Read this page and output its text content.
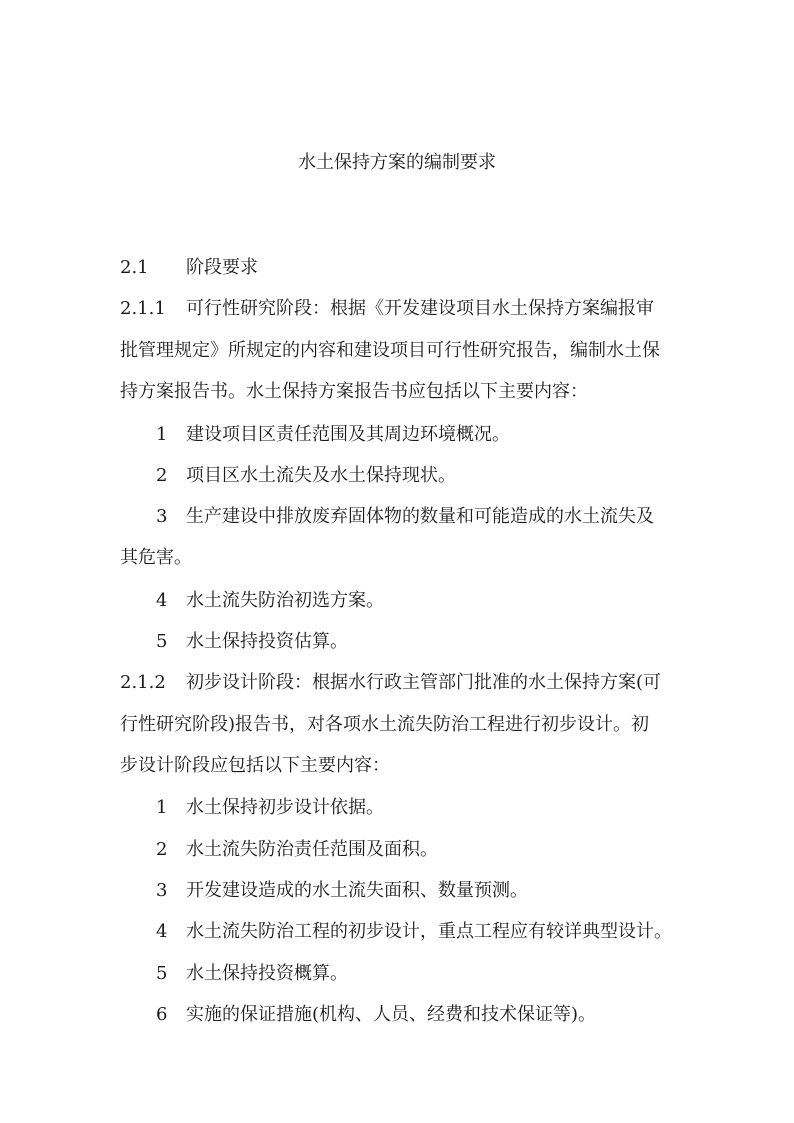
水土保持方案的编制要求
2.1 阶段要求
2.1.1 可行性研究阶段：根据《开发建设项目水土保持方案编报审
批管理规定》所规定的内容和建设项目可行性研究报告，编制水土保
持方案报告书。水土保持方案报告书应包括以下主要内容：
1 建设项目区责任范围及其周边环境概况。
2 项目区水土流失及水土保持现状。
3 生产建设中排放废弃固体物的数量和可能造成的水土流失及
其危害。
4 水土流失防治初选方案。
5 水土保持投资估算。
2.1.2 初步设计阶段：根据水行政主管部门批准的水土保持方案(可
行性研究阶段)报告书，对各项水土流失防治工程进行初步设计。初
步设计阶段应包括以下主要内容：
1 水土保持初步设计依据。
2 水土流失防治责任范围及面积。
3 开发建设造成的水土流失面积、数量预测。
4 水土流失防治工程的初步设计，重点工程应有较详典型设计。
5 水土保持投资概算。
6 实施的保证措施(机构、人员、经费和技术保证等)。
